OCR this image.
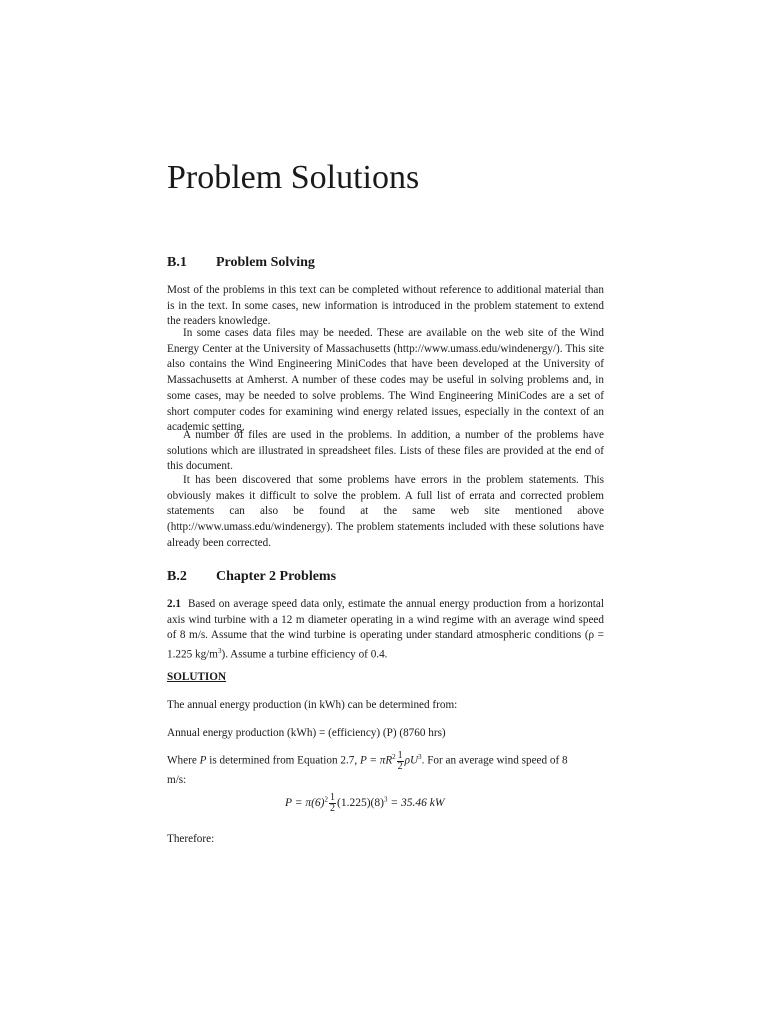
Problem Solutions
B.1 Problem Solving

Most of the problems in this text can be completed without reference to additional material than is in the text. In some cases, new information is introduced in the problem statement to extend the readers knowledge.

In some cases data files may be needed. These are available on the web site of the Wind Energy Center at the University of Massachusetts (http://www.umass.edu/windenergy/). This site also contains the Wind Engineering MiniCodes that have been developed at the University of Massachusetts at Amherst. A number of these codes may be useful in solving problems and, in some cases, may be needed to solve problems. The Wind Engineering MiniCodes are a set of short computer codes for examining wind energy related issues, especially in the context of an academic setting.

A number of files are used in the problems. In addition, a number of the problems have solutions which are illustrated in spreadsheet files. Lists of these files are provided at the end of this document.

It has been discovered that some problems have errors in the problem statements. This obviously makes it difficult to solve the problem. A full list of errata and corrected problem statements can also be found at the same web site mentioned above (http://www.umass.edu/windenergy). The problem statements included with these solutions have already been corrected.

B.2 Chapter 2 Problems

2.1 Based on average speed data only, estimate the annual energy production from a horizontal axis wind turbine with a 12 m diameter operating in a wind regime with an average wind speed of 8 m/s. Assume that the wind turbine is operating under standard atmospheric conditions (ρ = 1.225 $kg/m^3$). Assume a turbine efficiency of 0.4.

SOLUTION

The annual energy production (in kWh) can be determined from:

Annual energy production (kWh) = (efficiency) (P) (8760 hrs)

Where P is determined from Equation 2.7, $P = \pi R^2 \frac{1}{2} \rho U^3$. For an average wind speed of 8

m/s:

$P = \pi(6)^2 \frac{1}{2} (1.225)(8)^3 = 35.46$ kW

Therefore:
